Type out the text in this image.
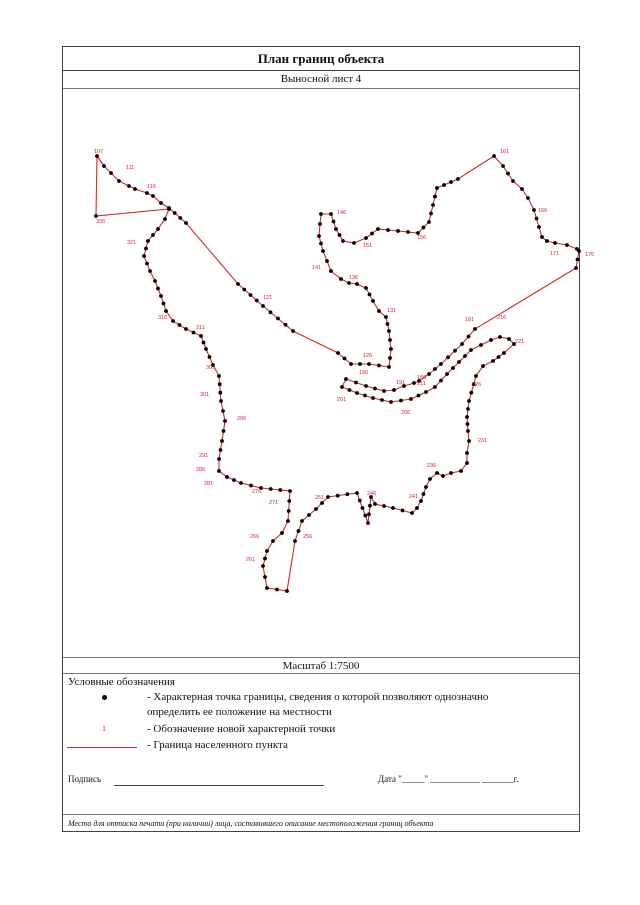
План границ объекта
Выносной лист 4
107
111
116
326
321
121
316
311
306
301
296
291
286
281
276
271
266
261
256
251
246	241
236
231
226
221
216
211
206
201
196
191
186
181
176
171
166
161
156
151
146
141
136
131
126
Масштаб 1:7500
Условные обозначения
- Характерная точка границы, сведения о которой позволяют однозначно
определить ее положение на местности
1	- Обозначение новой характерной точки
- Граница населенного пункта
Подпись	Дата "_____" ___________ _______г.
Место для оттиска печати (при наличии) лица, составившего описание местоположения границ объекта
